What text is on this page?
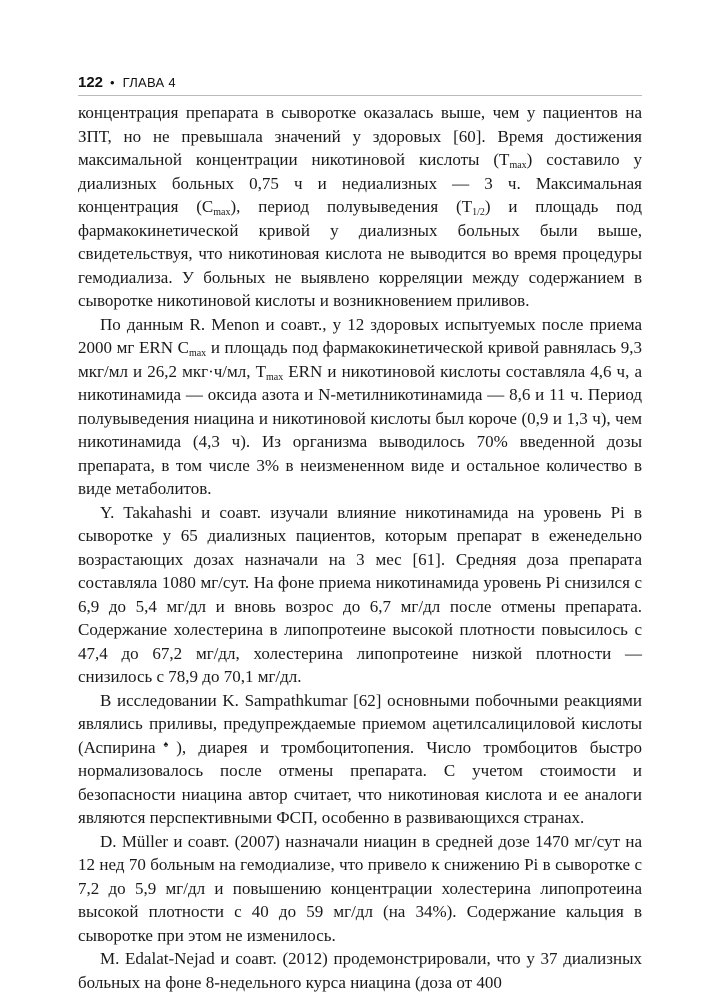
122 • ГЛАВА 4

концентрация препарата в сыворотке оказалась выше, чем у пациентов на ЗПТ, но не превышала значений у здоровых [60]. Время достижения максимальной концентрации никотиновой кислоты $(T_{max})$ составило у диализных больных 0,75 ч и недиализных — 3 ч. Максимальная концентрация $(C_{max})$, период полувыведения $(T_{1/2})$ и площадь под фармакокинетической кривой у диализных больных были выше, свидетельствуя, что никотиновая кислота не выводится во время процедуры гемодиализа. У больных не выявлено корреляции между содержанием в сыворотке никотиновой кислоты и возникновением приливов.

По данным R. Menon и соавт., у 12 здоровых испытуемых после приема 2000 мг ERN $C_{max}$ и площадь под фармакокинетической кривой равнялась 9,3 мкг/мл и 26,2 мкг·ч/мл, $T_{max}$ ERN и никотиновой кислоты составляла 4,6 ч, а никотинамида — оксида азота и N-метилникотинамида — 8,6 и 11 ч. Период полувыведения ниацина и никотиновой кислоты был короче (0,9 и 1,3 ч), чем никотинамида (4,3 ч). Из организма выводилось 70% введенной дозы препарата, в том числе 3% в неизмененном виде и остальное количество в виде метаболитов.

Y. Takahashi и соавт. изучали влияние никотинамида на уровень Pi в сыворотке у 65 диализных пациентов, которым препарат в еженедельно возрастающих дозах назначали на 3 мес [61]. Средняя доза препарата составляла 1080 мг/сут. На фоне приема никотинамида уровень Pi снизился с 6,9 до 5,4 мг/дл и вновь возрос до 6,7 мг/дл после отмены препарата. Содержание холестерина в липопротеине высокой плотности повысилось с 47,4 до 67,2 мг/дл, холестерина липопротеине низкой плотности — снизилось с 78,9 до 70,1 мг/дл.

В исследовании K. Sampathkumar [62] основными побочными реакциями являлись приливы, предупреждаемые приемом ацетилсалициловой кислоты (Аспирина♠), диарея и тромбоцитопения. Число тромбоцитов быстро нормализовалось после отмены препарата. С учетом стоимости и безопасности ниацина автор считает, что никотиновая кислота и ее аналоги являются перспективными ФСП, особенно в развивающихся странах.

D. Müller и соавт. (2007) назначали ниацин в средней дозе 1470 мг/сут на 12 нед 70 больным на гемодиализе, что привело к снижению Pi в сыворотке с 7,2 до 5,9 мг/дл и повышению концентрации холестерина липопротеина высокой плотности с 40 до 59 мг/дл (на 34%). Содержание кальция в сыворотке при этом не изменилось.

M. Edalat-Nejad и соавт. (2012) продемонстрировали, что у 37 диализных больных на фоне 8-недельного курса ниацина (доза от 400
